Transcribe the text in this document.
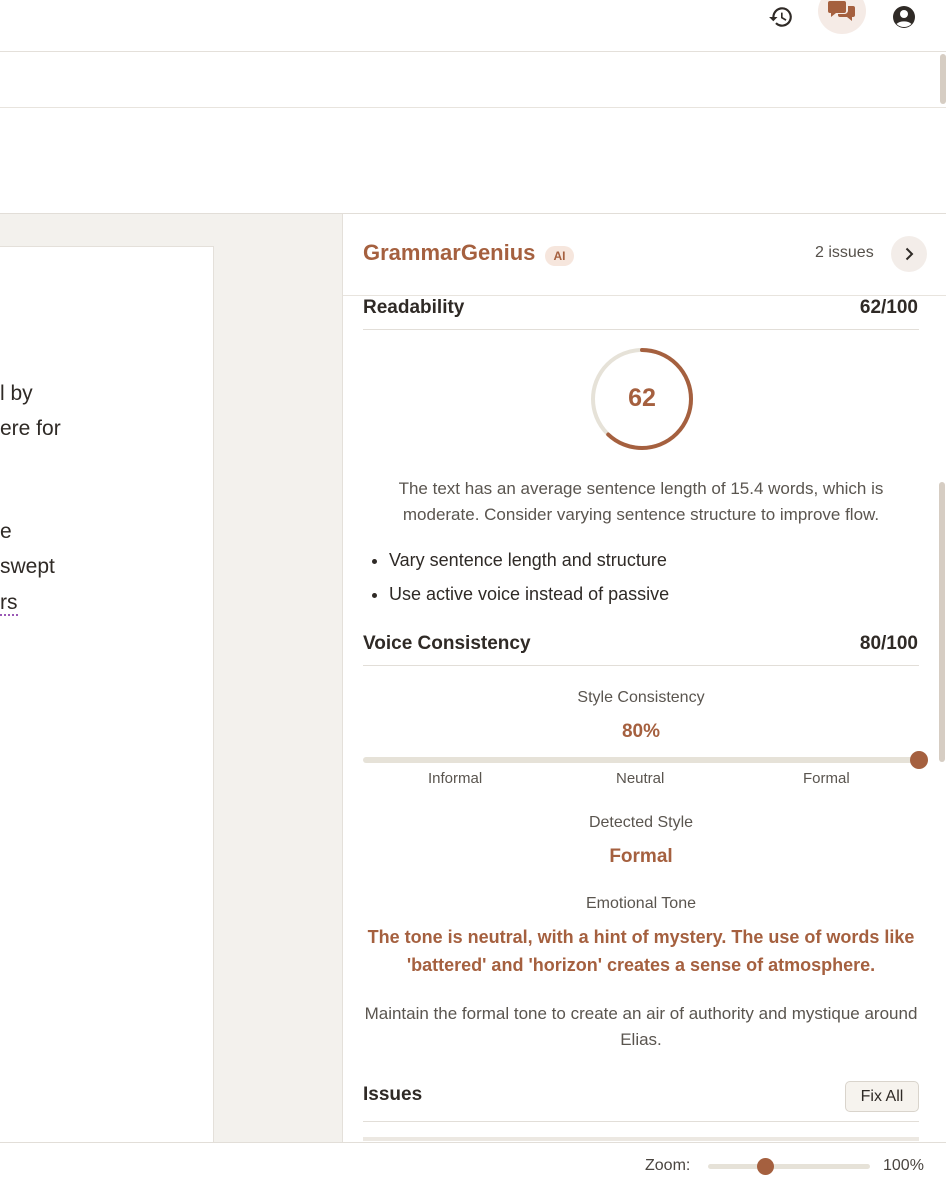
l by
ere for
e
swept
rs
GrammarGenius	AI	2 issues
Readability	62/100
62
The text has an average sentence length of 15.4 words, which is moderate. Consider varying sentence structure to improve flow.
• Vary sentence length and structure
• Use active voice instead of passive
Voice Consistency	80/100
Style Consistency
80%
Informal	Neutral	Formal
Detected Style
Formal
Emotional Tone
The tone is neutral, with a hint of mystery. The use of words like 'battered' and 'horizon' creates a sense of atmosphere.
Maintain the formal tone to create an air of authority and mystique around Elias.
Issues	Fix All
Zoom:	100%
